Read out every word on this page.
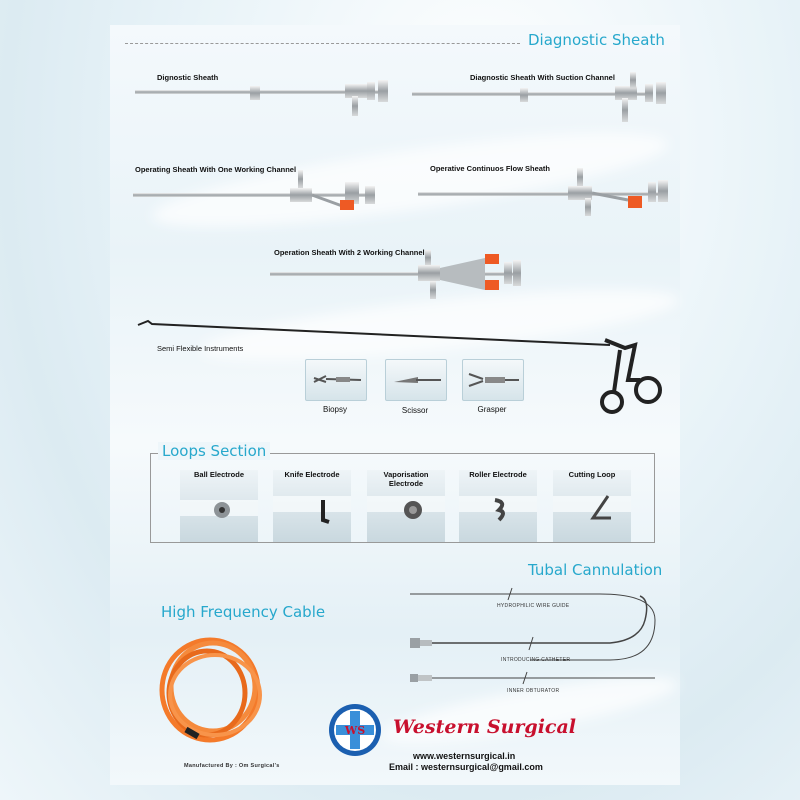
Diagnostic Sheath
Dignostic Sheath	Diagnostic Sheath With Suction Channel
Operating Sheath With One Working Channel	Operative Continuos Flow Sheath
Operation Sheath With 2 Working Channel
Semi Flexible Instruments
Biopsy	Scissor	Grasper
Loops Section
Ball Electrode	Knife Electrode	Vaporisation Electrode
Roller Electrode	Cutting Loop
Tubal Cannulation
HYDROPHILIC WIRE GUIDE
INTRODUCING CATHETER
INNER OBTURATOR
High Frequency Cable
Manufactured By : Om Surgical's
WS Western Surgical
www.westernsurgical.in
Email : westernsurgical@gmail.com
